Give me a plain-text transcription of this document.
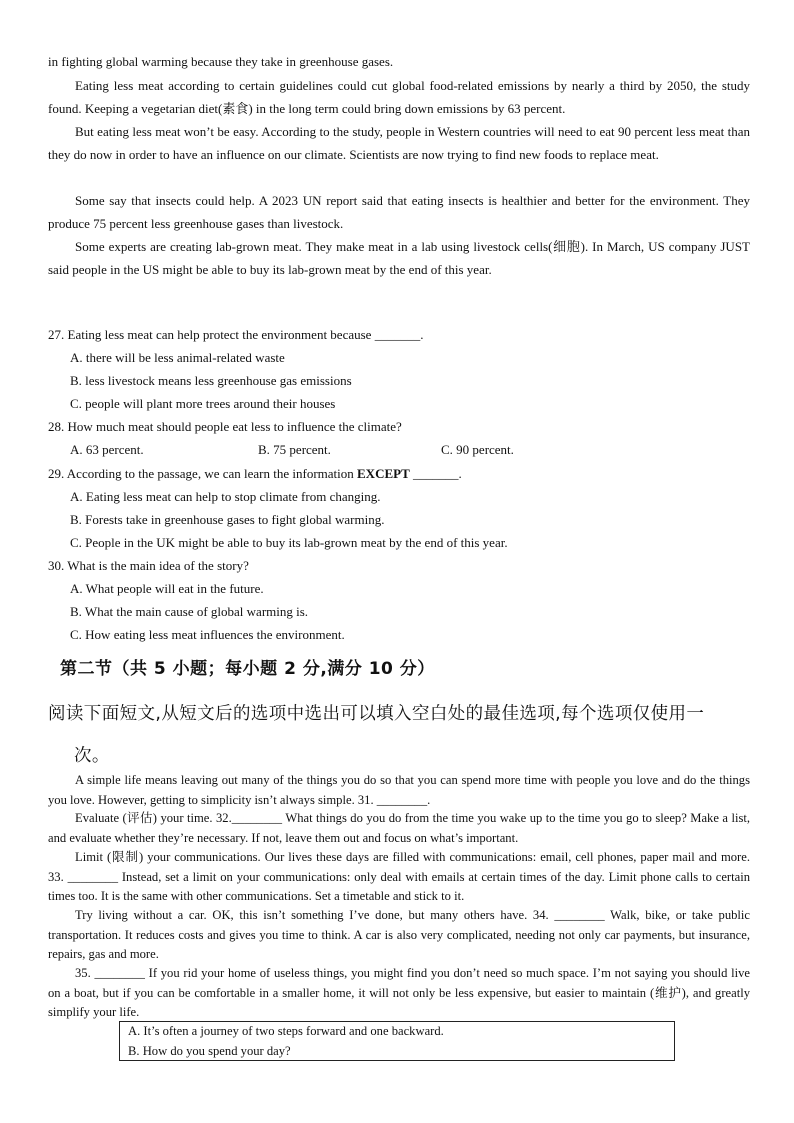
in fighting global warming because they take in greenhouse gases.

Eating less meat according to certain guidelines could cut global food-related emissions by nearly a third by 2050, the study found. Keeping a vegetarian diet(素食) in the long term could bring down emissions by 63 percent.

But eating less meat won’t be easy. According to the study, people in Western countries will need to eat 90 percent less meat than they do now in order to have an influence on our climate. Scientists are now trying to find new foods to replace meat.

Some say that insects could help. A 2023 UN report said that eating insects is healthier and better for the environment. They produce 75 percent less greenhouse gases than livestock.

Some experts are creating lab-grown meat. They make meat in a lab using livestock cells(细胞). In March, US company JUST said people in the US might be able to buy its lab-grown meat by the end of this year.

27. Eating less meat can help protect the environment because _______.

A. there will be less animal-related waste

B. less livestock means less greenhouse gas emissions

C. people will plant more trees around their houses

28. How much meat should people eat less to influence the climate?

A. 63 percent.	B. 75 percent.	C. 90 percent.

29. According to the passage, we can learn the information EXCEPT _______.

A. Eating less meat can help to stop climate from changing.

B. Forests take in greenhouse gases to fight global warming.

C. People in the UK might be able to buy its lab-grown meat by the end of this year.

30. What is the main idea of the story?

A. What people will eat in the future.

B. What the main cause of global warming is.

C. How eating less meat influences the environment.

第二节（共 5 小题；每小题 2 分,满分 10 分）
阅读下面短文,从短文后的选项中选出可以填入空白处的最佳选项,每个选项仅使用一
次。

A simple life means leaving out many of the things you do so that you can spend more time with people you love and do the things you love. However, getting to simplicity isn’t always simple. 31. ________.

Evaluate (评估) your time. 32.________ What things do you do from the time you wake up to the time you go to sleep? Make a list, and evaluate whether they’re necessary. If not, leave them out and focus on what’s important.

Limit (限制) your communications. Our lives these days are filled with communications: email, cell phones, paper mail and more. 33. ________ Instead, set a limit on your communications: only deal with emails at certain times of the day. Limit phone calls to certain times too. It is the same with other communications. Set a timetable and stick to it.

Try living without a car. OK, this isn’t something I’ve done, but many others have. 34. ________ Walk, bike, or take public transportation. It reduces costs and gives you time to think. A car is also very complicated, needing not only car payments, but insurance, repairs, gas and more.

35. ________ If you rid your home of useless things, you might find you don’t need so much space. I’m not saying you should live on a boat, but if you can be comfortable in a smaller home, it will not only be less expensive, but easier to maintain (维护), and greatly simplify your life.

A. It’s often a journey of two steps forward and one backward.
B. How do you spend your day?
